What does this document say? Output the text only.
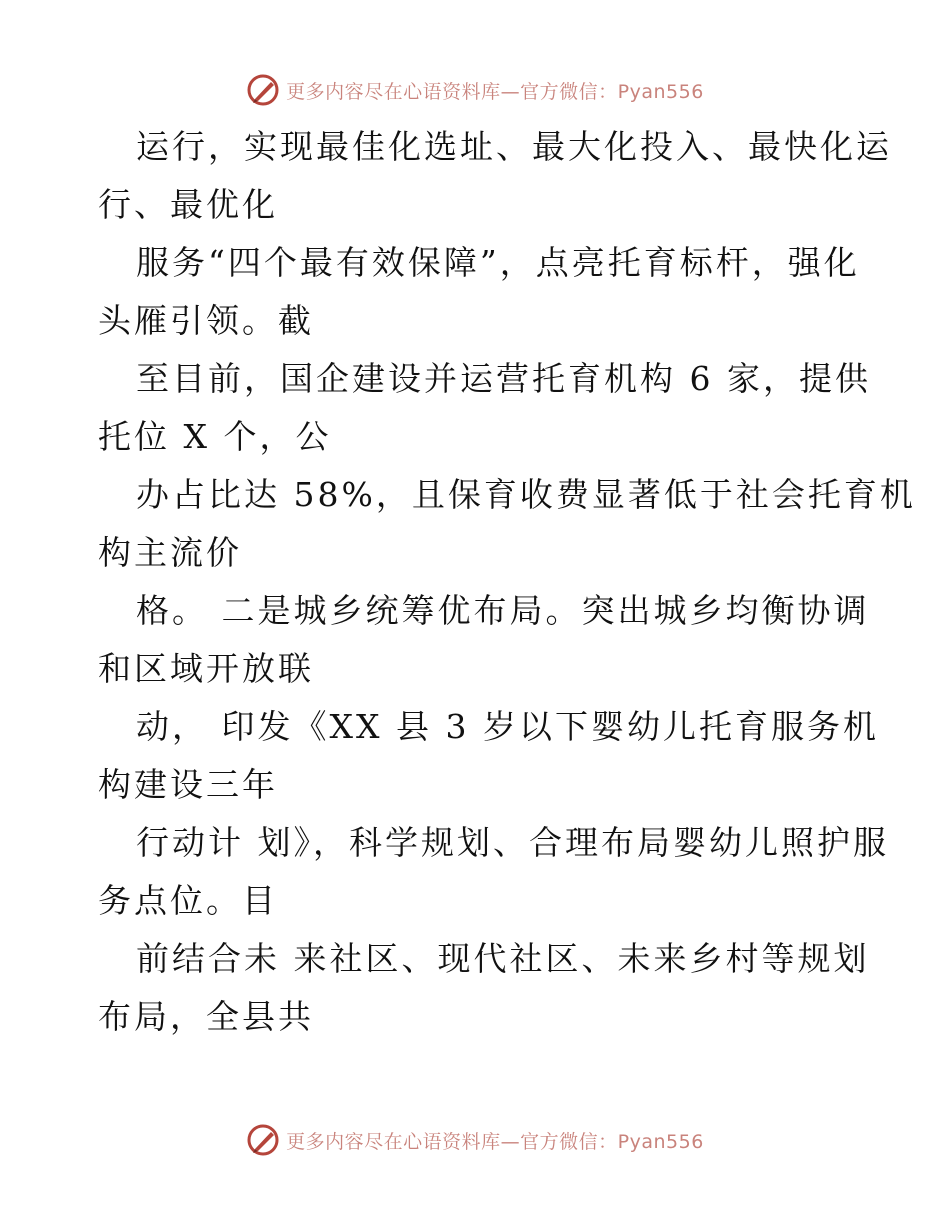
更多内容尽在心语资料库—官方微信：Pyan556

运行，实现最佳化选址、最大化投入、最快化运
行、最优化

服务“四个最有效保障”，点亮托育标杆，强化
头雁引领。截

至目前，国企建设并运营托育机构 6 家，提供
托位 X 个，公

办占比达 58%，且保育收费显著低于社会托育机
构主流价

格。 二是城乡统筹优布局。突出城乡均衡协调
和区域开放联

动， 印发《XX 县 3 岁以下婴幼儿托育服务机
构建设三年

行动计 划》，科学规划、合理布局婴幼儿照护服
务点位。目

前结合未 来社区、现代社区、未来乡村等规划
布局，全县共

更多内容尽在心语资料库—官方微信：Pyan556
